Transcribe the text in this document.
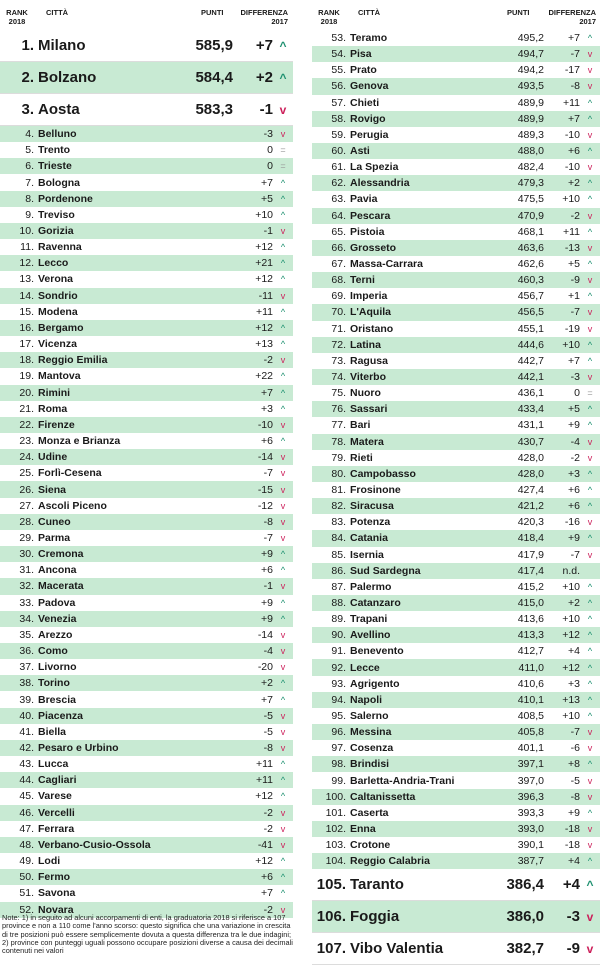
RANK 2018
CITTÀ	PUNTI	DIFFERENZA 2017
1. Milano	585,9	+7 ^
2. Bolzano	584,4	+2 ^
3. Aosta	583,3	-1 v
4. Belluno	-3 v
5. Trento	0 =
6. Trieste	0 =
7. Bologna	+7 ^
8. Pordenone	+5 ^
9. Treviso	+10 ^
10. Gorizia	-1 v
11. Ravenna	+12 ^
12. Lecco	+21 ^
13. Verona	+12 ^
14. Sondrio	-11 v
15. Modena	+11 ^
16. Bergamo	+12 ^
17. Vicenza	+13 ^
18. Reggio Emilia	-2 v
19. Mantova	+22 ^
20. Rimini	+7 ^
21. Roma	+3 ^
22. Firenze	-10 v
23. Monza e Brianza	+6 ^
24. Udine	-14 v
25. Forlì-Cesena	-7 v
26. Siena	-15 v
27. Ascoli Piceno	-12 v
28. Cuneo	-8 v
29. Parma	-7 v
30. Cremona	+9 ^
31. Ancona	+6 ^
32. Macerata	-1 v
33. Padova	+9 ^
34. Venezia	+9 ^
35. Arezzo	-14 v
36. Como	-4 v
37. Livorno	-20 v
38. Torino	+2 ^
39. Brescia	+7 ^
40. Piacenza	-5 v
41. Biella	-5 v
42. Pesaro e Urbino	-8 v
43. Lucca	+11 ^
44. Cagliari	+11 ^
45. Varese	+12 ^
46. Vercelli	-2 v
47. Ferrara	-2 v
48. Verbano-Cusio-Ossola	-41 v
49. Lodi	+12 ^
50. Fermo	+6 ^
51. Savona	+7 ^
52. Novara	-2 v
RANK 2018
CITTÀ	PUNTI	DIFFERENZA 2017
53. Teramo	495,2	+7 ^
54. Pisa	494,7	-7 v
55. Prato	494,2	-17 v
56. Genova	493,5	-8 v
57. Chieti	489,9	+11 ^
58. Rovigo	489,9	+7 ^
59. Perugia	489,3	-10 v
60. Asti	488,0	+6 ^
61. La Spezia	482,4	-10 v
62. Alessandria	479,3	+2 ^
63. Pavia	475,5	+10 ^
64. Pescara	470,9	-2 v
65. Pistoia	468,1	+11 ^
66. Grosseto	463,6	-13 v
67. Massa-Carrara	462,6	+5 ^
68. Terni	460,3	-9 v
69. Imperia	456,7	+1 ^
70. L'Aquila	456,5	-7 v
71. Oristano	455,1	-19 v
72. Latina	444,6	+10 ^
73. Ragusa	442,7	+7 ^
74. Viterbo	442,1	-3 v
75. Nuoro	436,1	0 =
76. Sassari	433,4	+5 ^
77. Bari	431,1	+9 ^
78. Matera	430,7	-4 v
79. Rieti	428,0	-2 v
80. Campobasso	428,0	+3 ^
81. Frosinone	427,4	+6 ^
82. Siracusa	421,2	+6 ^
83. Potenza	420,3	-16 v
84. Catania	418,4	+9 ^
85. Isernia	417,9	-7 v
86. Sud Sardegna	417,4	n.d.
87. Palermo	415,2	+10 ^
88. Catanzaro	415,0	+2 ^
89. Trapani	413,6	+10 ^
90. Avellino	413,3	+12 ^
91. Benevento	412,7	+4 ^
92. Lecce	411,0	+12 ^
93. Agrigento	410,6	+3 ^
94. Napoli	410,1	+13 ^
95. Salerno	408,5	+10 ^
96. Messina	405,8	-7 v
97. Cosenza	401,1	-6 v
98. Brindisi	397,1	+8 ^
99. Barletta-Andria-Trani	397,0	-5 v
100. Caltanissetta	396,3	-8 v
101. Caserta	393,3	+9 ^
102. Enna	393,0	-18 v
103. Crotone	390,1	-18 v
104. Reggio Calabria	387,7	+4 ^
105. Taranto	386,4	+4 ^
106. Foggia	386,0	-3 v
107. Vibo Valentia	382,7	-9 v
Note: 1) in seguito ad alcuni accorpamenti di enti, la graduatoria 2018 si riferisce a 107 province e non a 110 come l'anno scorso: questo significa che una variazione in crescita di tre posizioni può essere semplicemente dovuta a questa differenza tra le due indagini; 2) province con punteggi uguali possono occupare posizioni diverse a causa dei decimali contenuti nei valori
